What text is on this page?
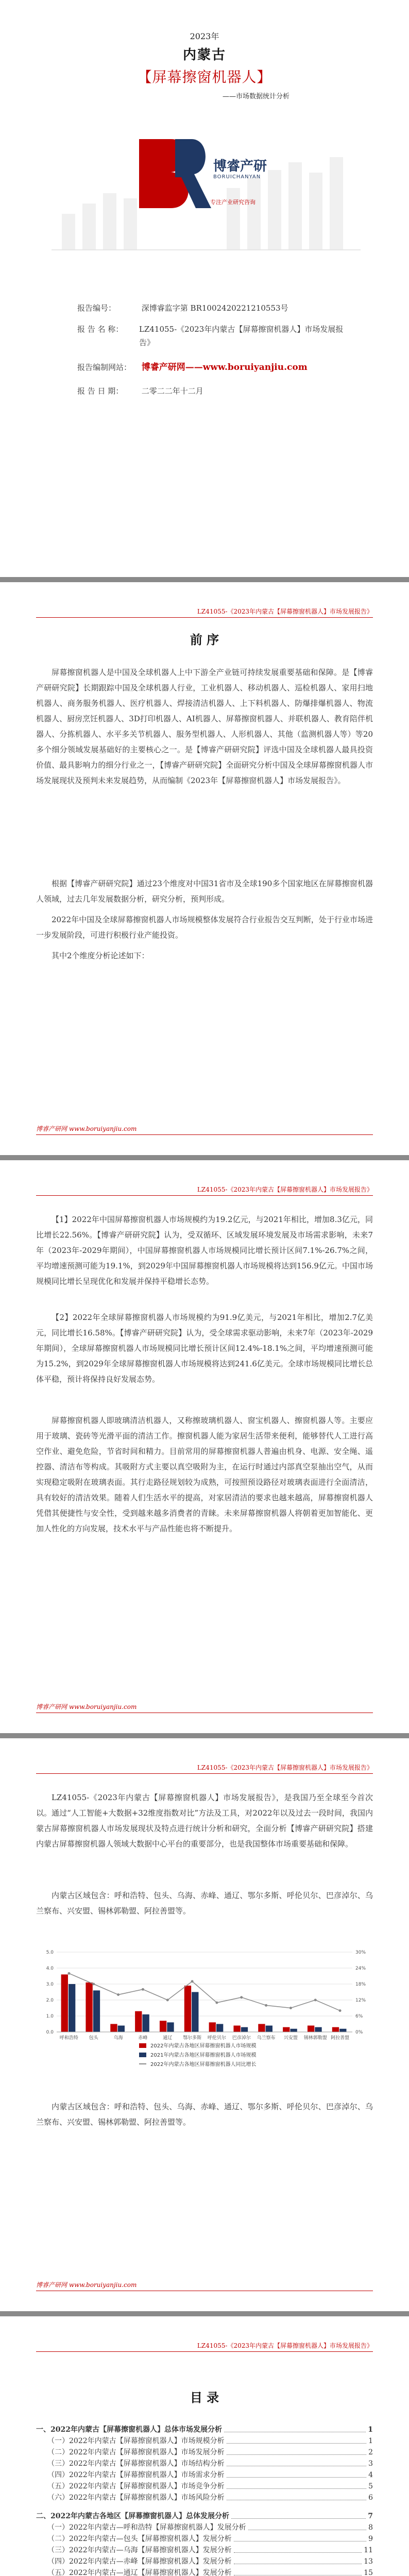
2023年
内蒙古
【屏幕擦窗机器人】
——市场数据统计分析
博睿产研
BORUICHANYAN
专注产业研究咨询
报告编号：	深博睿监字第 BR1002420221210553号
报 告 名 称：	LZ41055-《2023年内蒙古【屏幕擦窗机器人】市场发展报告》
报告编制网站： 博睿产研网——www.boruiyanjiu.com
报 告 日 期： 二零二二年十二月
LZ41055-《2023年内蒙古【屏幕擦窗机器人】市场发展报告》
前 序

屏幕擦窗机器人是中国及全球机器人上中下游全产业链可持续发展重要基础和保障。是【博睿产研研究院】长期跟踪中国及全球机器人行业，工业机器人、移动机器人、巡检机器人、家用扫地机器人、商务服务机器人、医疗机器人、焊接清洁机器人、上下料机器人、防爆排爆机器人、物流机器人、厨房烹饪机器人、3D打印机器人、AI机器人、屏幕擦窗机器人、并联机器人、教育陪伴机器人、分拣机器人、水平多关节机器人、服务型机器人、人形机器人、其他（监测机器人等）等20多个细分领域发展基础好的主要核心之一。是【博睿产研研究院】评选中国及全球机器人最具投资价值、最具影响力的细分行业之一，【博睿产研研究院】全面研究分析中国及全球屏幕擦窗机器人市场发展现状及预判未来发展趋势，从而编制《2023年【屏幕擦窗机器人】市场发展报告》。

根据【博睿产研研究院】通过23个维度对中国31省市及全球190多个国家地区在屏幕擦窗机器人领域，过去几年发展数据分析，研究分析，预判形成。

2022年中国及全球屏幕擦窗机器人市场规模整体发展符合行业报告交互判断，处于行业市场进一步发展阶段，可进行积极行业产能投资。

其中2个维度分析论述如下：

博睿产研网 www.boruiyanjiu.com
LZ41055-《2023年内蒙古【屏幕擦窗机器人】市场发展报告》

【1】2022年中国屏幕擦窗机器人市场规模约为19.2亿元，与2021年相比，增加8.3亿元，同比增长22.56%。【博睿产研研究院】认为，受双循环、区域发展环境发展及市场需求影响，未来7年（2023年-2029年期间），中国屏幕擦窗机器人市场规模同比增长预计区间7.1%-26.7%之间，平均增速预测可能为19.1%，到2029年中国屏幕擦窗机器人市场规模将达到156.9亿元。中国市场规模同比增长呈现优化和发展并保持平稳增长态势。

【2】2022年全球屏幕擦窗机器人市场规模约为91.9亿美元，与2021年相比，增加2.7亿美元，同比增长16.58%。【博睿产研研究院】认为，受全球需求驱动影响，未来7年（2023年-2029年期间），全球屏幕擦窗机器人市场规模同比增长预计区间12.4%-18.1%之间，平均增速预测可能为15.2%，到2029年全球屏幕擦窗机器人市场规模将达到241.6亿美元。全球市场规模同比增长总体平稳，预计将保持良好发展态势。

屏幕擦窗机器人即玻璃清洁机器人，又称擦玻璃机器人、窗宝机器人、擦窗机器人等。主要应用于玻璃、瓷砖等光滑平面的清洁工作。擦窗机器人能为家居生活带来便利，能够替代人工进行高空作业、避免危险，节省时间和精力。目前常用的屏幕擦窗机器人普遍由机身、电源、安全绳、遥控器、清洁布等构成。其吸附方式主要以真空吸附为主，在运行时通过内部真空泵抽出空气，从而实现稳定吸附在玻璃表面。其行走路径规划较为成熟，可按照预设路径对玻璃表面进行全面清洁，具有较好的清洁效果。随着人们生活水平的提高，对家居清洁的要求也越来越高，屏幕擦窗机器人凭借其便捷性与安全性，受到越来越多消费者的青睐。未来屏幕擦窗机器人将朝着更加智能化、更加人性化的方向发展，技术水平与产品性能也将不断提升。

博睿产研网 www.boruiyanjiu.com
LZ41055-《2023年内蒙古【屏幕擦窗机器人】市场发展报告》

LZ41055-《2023年内蒙古【屏幕擦窗机器人】市场发展报告》，是我国乃至全球至今首次以。通过“人工智能+大数据+32维度指数对比”方法及工具，对2022年以及过去一段时间，我国内蒙古屏幕擦窗机器人市场发展现状及特点进行统计分析和研究，全面分析【博睿产研研究院】搭建内蒙古屏幕擦窗机器人领域大数据中心平台的重要部分，也是我国整体市场重要基础和保障。

内蒙古区域包含：呼和浩特、包头、乌海、赤峰、通辽、鄂尔多斯、呼伦贝尔、巴彦淖尔、乌兰察布、兴安盟、锡林郭勒盟、阿拉善盟等。

0.0	0%
1.0	6%
2.0	12%
3.0	18%
4.0	24%
5.0	30%
呼和浩特 包头	乌海	赤峰	通辽 鄂尔多斯 呼伦贝尔 巴彦淖尔 乌兰察布 兴安盟 锡林郭勒盟 阿拉善盟
2022年内蒙古各地区屏幕擦窗机器人市场规模
2021年内蒙古各地区屏幕擦窗机器人市场规模
2022年内蒙古各地区屏幕擦窗机器人同比增长

内蒙古区域包含：呼和浩特、包头、乌海、赤峰、通辽、鄂尔多斯、呼伦贝尔、巴彦淖尔、乌兰察布、兴安盟、锡林郭勒盟、阿拉善盟等。

博睿产研网 www.boruiyanjiu.com
LZ41055-《2023年内蒙古【屏幕擦窗机器人】市场发展报告》
目 录
一、2022年内蒙古【屏幕擦窗机器人】总体市场发展分析	1
（一）2022年内蒙古【屏幕擦窗机器人】市场规模分析	1
（二）2022年内蒙古【屏幕擦窗机器人】市场发展分析	2
（三）2022年内蒙古【屏幕擦窗机器人】市场结构分析	3
（四）2022年内蒙古【屏幕擦窗机器人】市场需求分析	4
（五）2022年内蒙古【屏幕擦窗机器人】市场竞争分析	5
（六）2022年内蒙古【屏幕擦窗机器人】市场风险分析	6
二、2022年内蒙古各地区【屏幕擦窗机器人】总体发展分析	7
（一）2022年内蒙古—呼和浩特【屏幕擦窗机器人】发展分析	8
（二）2022年内蒙古—包头【屏幕擦窗机器人】发展分析	9
（三）2022年内蒙古—乌海【屏幕擦窗机器人】发展分析	11
（四）2022年内蒙古—赤峰【屏幕擦窗机器人】发展分析	13
（五）2022年内蒙古—通辽【屏幕擦窗机器人】发展分析	15
